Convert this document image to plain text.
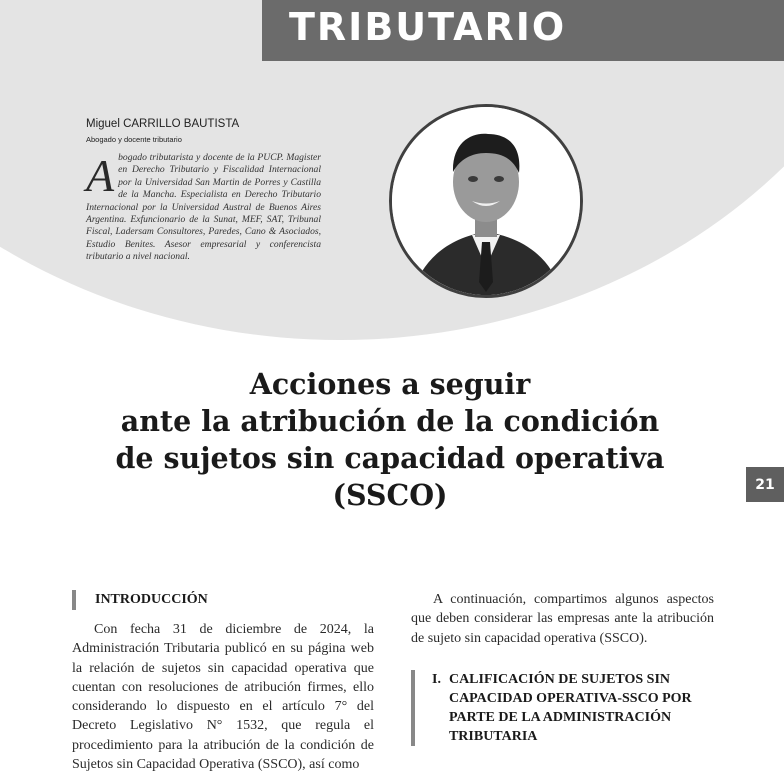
TRIBUTARIO
Miguel CARRILLO BAUTISTA
Abogado y docente tributario

Abogado tributarista y docente de la PUCP. Magister en Derecho Tributario y Fiscalidad Internacional por la Universidad San Martin de Porres y Castilla de la Mancha. Especialista en Derecho Tributario Internacional por la Universidad Austral de Buenos Aires Argentina. Exfuncionario de la Sunat, MEF, SAT, Tribunal Fiscal, Ladersam Consultores, Paredes, Cano & Asociados, Estudio Benites. Asesor empresarial y conferencista tributario a nivel nacional.

Acciones a seguir
ante la atribución de la condición
de sujetos sin capacidad operativa
(SSCO)	21
INTRODUCCIÓN

Con fecha 31 de diciembre de 2024, la Administración Tributaria publicó en su página web la relación de sujetos sin capacidad operativa que cuentan con resoluciones de atribución firmes, ello considerando lo dispuesto en el artículo 7° del Decreto Legislativo N° 1532, que regula el procedimiento para la atribución de la condición de Sujetos sin Capacidad Operativa (SSCO), así como

A continuación, compartimos algunos aspectos que deben considerar las empresas ante la atribución de sujeto sin capacidad operativa (SSCO).

I. CALIFICACIÓN DE SUJETOS SIN CAPACIDAD OPERATIVA-SSCO POR PARTE DE LA ADMINISTRACIÓN TRIBUTARIA
